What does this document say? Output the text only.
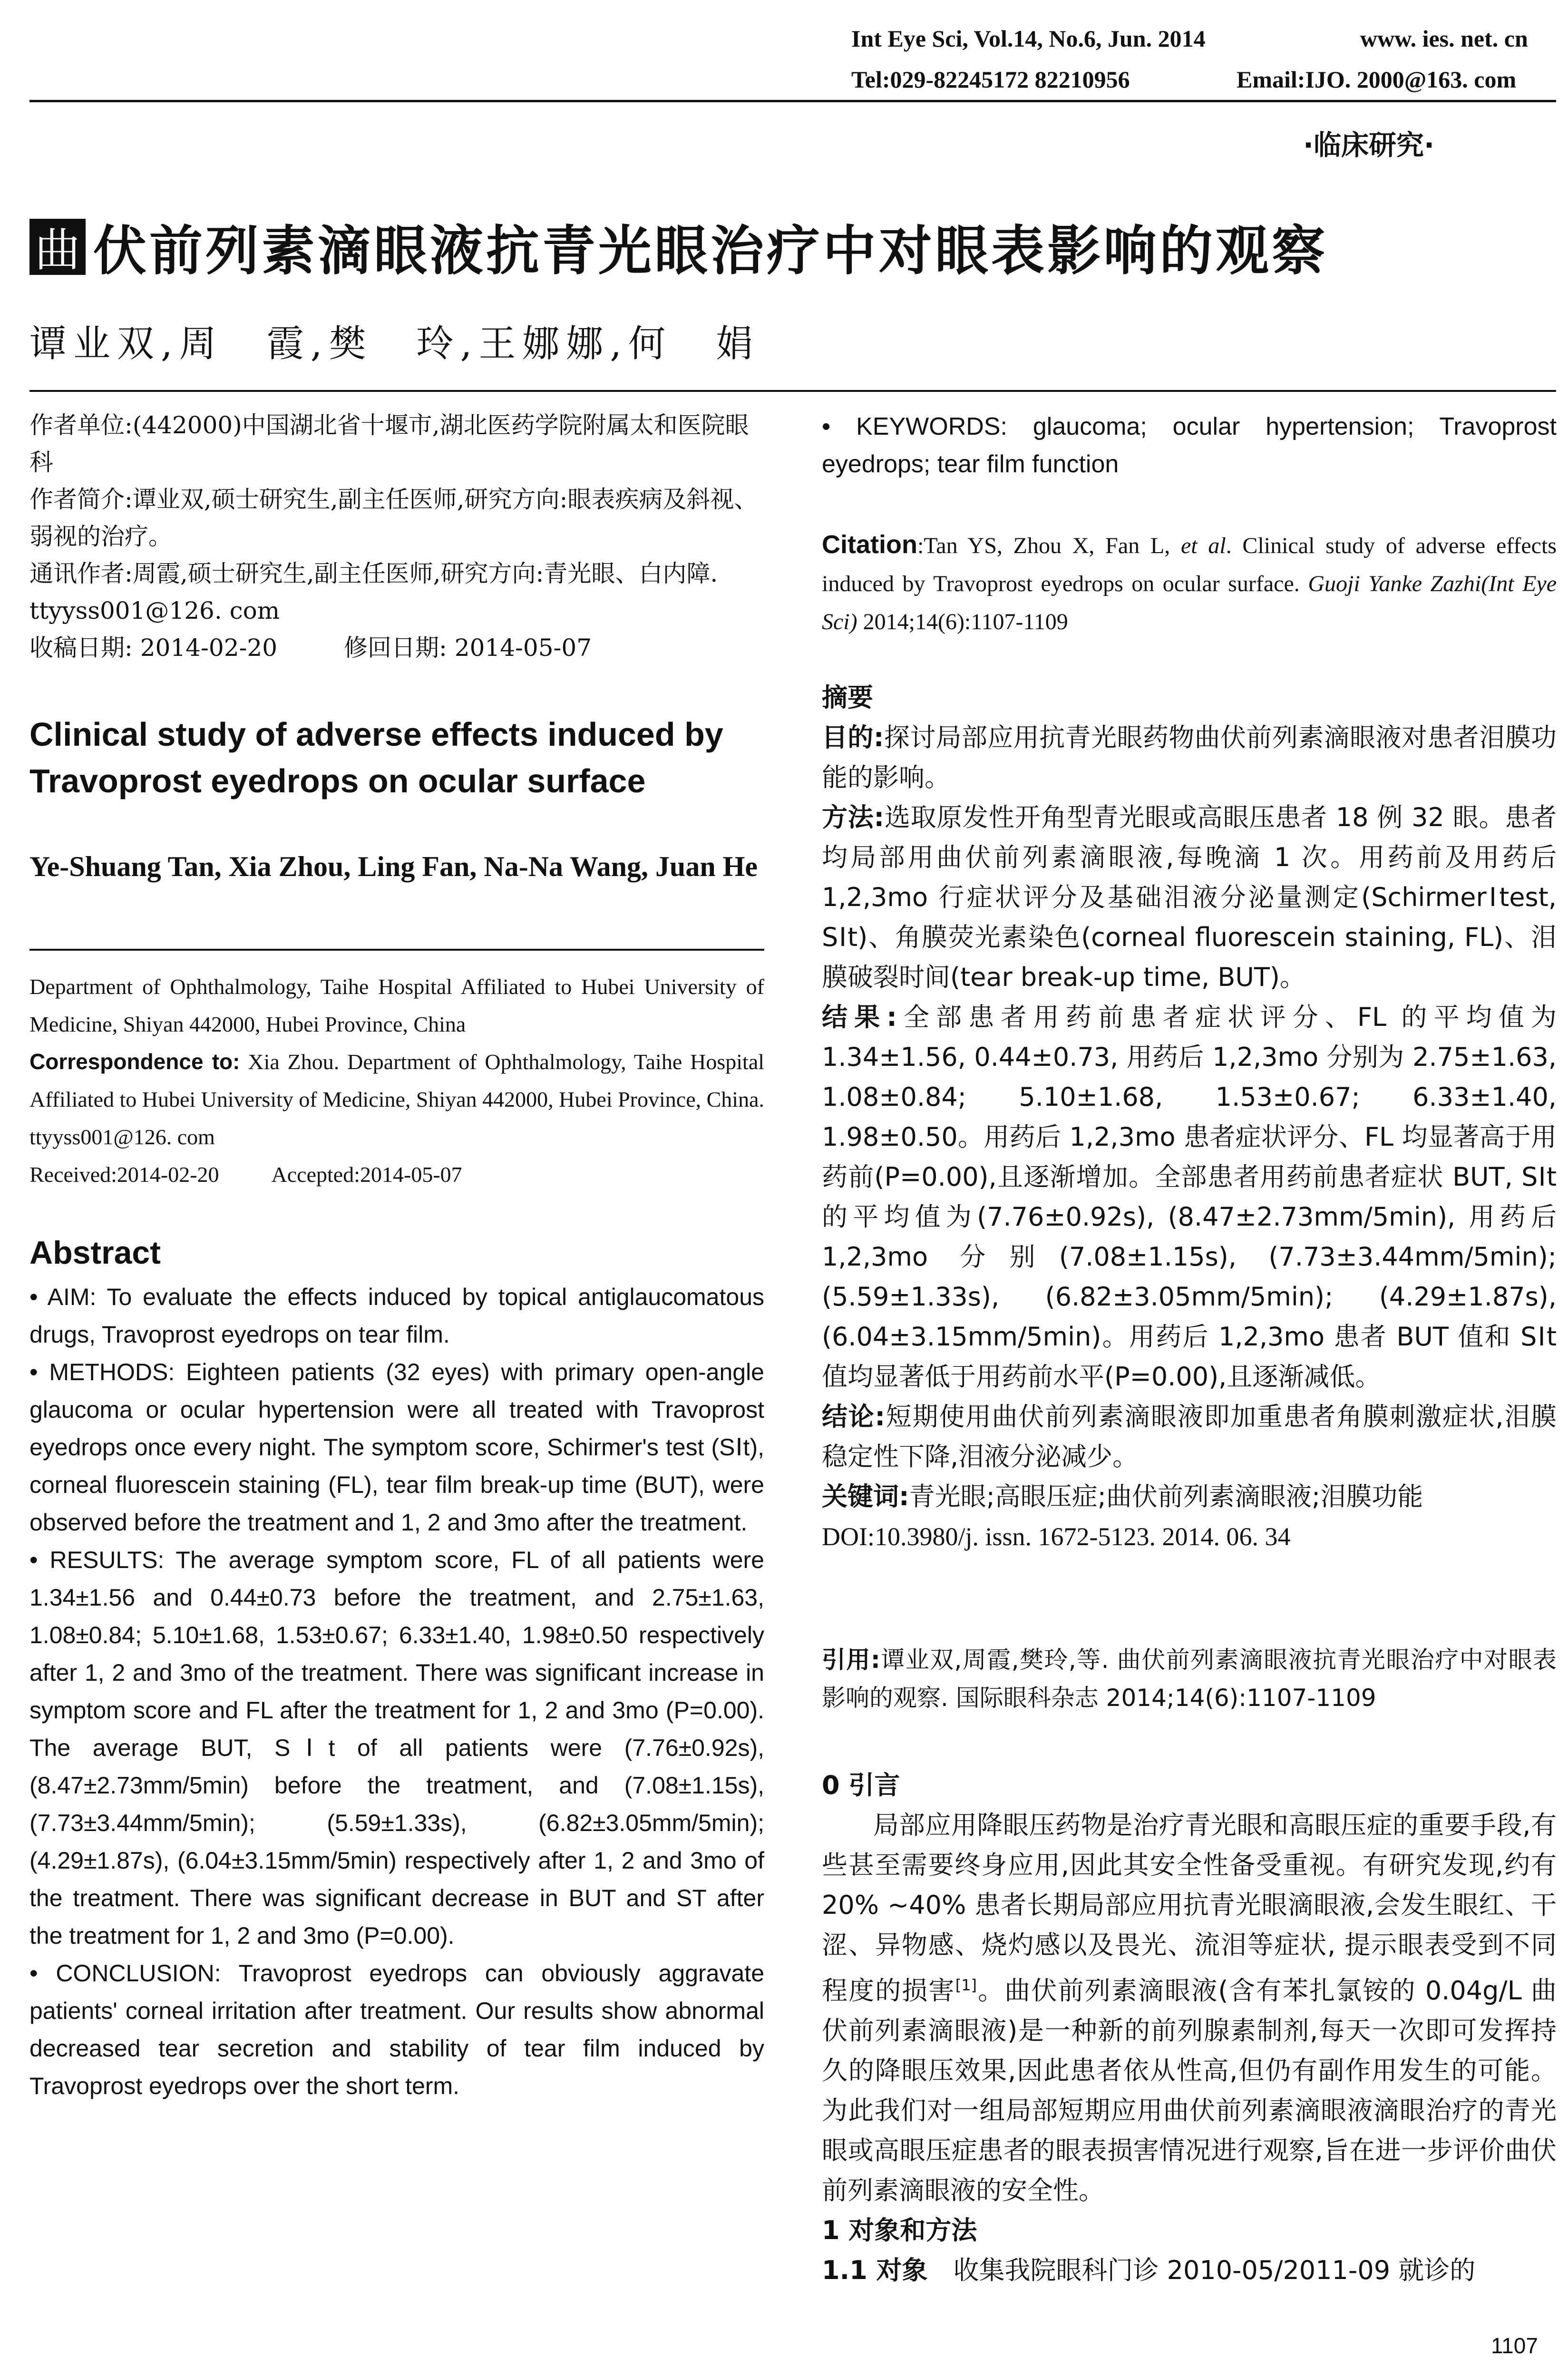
Int Eye Sci, Vol.14, No.6, Jun. 2014	www. ies. net. cn
Tel:029-82245172 82210956	Email:IJO. 2000@163. com
·临床研究·
曲 伏前列素滴眼液抗青光眼治疗中对眼表影响的观察
谭业双,周　霞,樊　玲,王娜娜,何　娟
作者单位:(442000)中国湖北省十堰市,湖北医药学院附属太和医院眼科
作者简介:谭业双,硕士研究生,副主任医师,研究方向:眼表疾病及斜视、弱视的治疗。
通讯作者:周霞,硕士研究生,副主任医师,研究方向:青光眼、白内障. ttyyss001@126. com
收稿日期: 2014-02-20	修回日期: 2014-05-07
Clinical study of adverse effects induced by Travoprost eyedrops on ocular surface
Ye-Shuang Tan, Xia Zhou, Ling Fan, Na-Na Wang, Juan He
Department of Ophthalmology, Taihe Hospital Affiliated to Hubei University of Medicine, Shiyan 442000, Hubei Province, China
Correspondence to: Xia Zhou. Department of Ophthalmology, Taihe Hospital Affiliated to Hubei University of Medicine, Shiyan 442000, Hubei Province, China. ttyyss001@126. com
Received:2014-02-20 Accepted:2014-05-07
Abstract

• AIM: To evaluate the effects induced by topical antiglaucomatous drugs, Travoprost eyedrops on tear film.

• METHODS: Eighteen patients (32 eyes) with primary open-angle glaucoma or ocular hypertension were all treated with Travoprost eyedrops once every night. The symptom score, Schirmer's test (SⅠt), corneal fluorescein staining (FL), tear film break-up time (BUT), were observed before the treatment and 1, 2 and 3mo after the treatment.

• RESULTS: The average symptom score, FL of all patients were 1.34±1.56 and 0.44±0.73 before the treatment, and 2.75±1.63, 1.08±0.84; 5.10±1.68, 1.53±0.67; 6.33±1.40, 1.98±0.50 respectively after 1, 2 and 3mo of the treatment. There was significant increase in symptom score and FL after the treatment for 1, 2 and 3mo (P=0.00). The average BUT, SⅠt of all patients were (7.76±0.92s), (8.47±2.73mm/5min) before the treatment, and (7.08±1.15s), (7.73±3.44mm/5min); (5.59±1.33s), (6.82±3.05mm/5min); (4.29±1.87s), (6.04±3.15mm/5min) respectively after 1, 2 and 3mo of the treatment. There was significant decrease in BUT and ST after the treatment for 1, 2 and 3mo (P=0.00).

• CONCLUSION: Travoprost eyedrops can obviously aggravate patients' corneal irritation after treatment. Our results show abnormal decreased tear secretion and stability of tear film induced by Travoprost eyedrops over the short term.

• KEYWORDS: glaucoma; ocular hypertension; Travoprost eyedrops; tear film function
Citation:Tan YS, Zhou X, Fan L, et al. Clinical study of adverse effects induced by Travoprost eyedrops on ocular surface. Guoji Yanke Zazhi(Int Eye Sci) 2014;14(6):1107-1109

摘要

目的:探讨局部应用抗青光眼药物曲伏前列素滴眼液对患者泪膜功能的影响。

方法:选取原发性开角型青光眼或高眼压患者 18 例 32 眼。患者均局部用曲伏前列素滴眼液,每晚滴 1 次。用药前及用药后 1,2,3mo 行症状评分及基础泪液分泌量测定(SchirmerⅠtest, SⅠt)、角膜荧光素染色(corneal fluorescein staining, FL)、泪膜破裂时间(tear break-up time, BUT)。

结果:全部患者用药前患者症状评分、FL 的平均值为 1.34±1.56, 0.44±0.73, 用药后 1,2,3mo 分别为 2.75±1.63, 1.08±0.84; 5.10±1.68, 1.53±0.67; 6.33±1.40, 1.98±0.50。用药后 1,2,3mo 患者症状评分、FL 均显著高于用药前(P=0.00),且逐渐增加。全部患者用药前患者症状 BUT, SⅠt 的平均值为(7.76±0.92s), (8.47±2.73mm/5min), 用药后 1,2,3mo 分别(7.08±1.15s), (7.73±3.44mm/5min); (5.59±1.33s), (6.82±3.05mm/5min); (4.29±1.87s), (6.04±3.15mm/5min)。用药后 1,2,3mo 患者 BUT 值和 SⅠt 值均显著低于用药前水平(P=0.00),且逐渐减低。

结论:短期使用曲伏前列素滴眼液即加重患者角膜刺激症状,泪膜稳定性下降,泪液分泌减少。

关键词:青光眼;高眼压症;曲伏前列素滴眼液;泪膜功能

DOI:10.3980/j. issn. 1672-5123. 2014. 06. 34

引用:谭业双,周霞,樊玲,等. 曲伏前列素滴眼液抗青光眼治疗中对眼表影响的观察. 国际眼科杂志 2014;14(6):1107-1109

0 引言

局部应用降眼压药物是治疗青光眼和高眼压症的重要手段,有些甚至需要终身应用,因此其安全性备受重视。有研究发现,约有 20% ~40% 患者长期局部应用抗青光眼滴眼液,会发生眼红、干涩、异物感、烧灼感以及畏光、流泪等症状, 提示眼表受到不同程度的损害[1]。曲伏前列素滴眼液(含有苯扎氯铵的 0.04g/L 曲伏前列素滴眼液)是一种新的前列腺素制剂,每天一次即可发挥持久的降眼压效果,因此患者依从性高,但仍有副作用发生的可能。为此我们对一组局部短期应用曲伏前列素滴眼液滴眼治疗的青光眼或高眼压症患者的眼表损害情况进行观察,旨在进一步评价曲伏前列素滴眼液的安全性。

1 对象和方法

1.1 对象　 收集我院眼科门诊 2010-05/2011-09 就诊的

1107
